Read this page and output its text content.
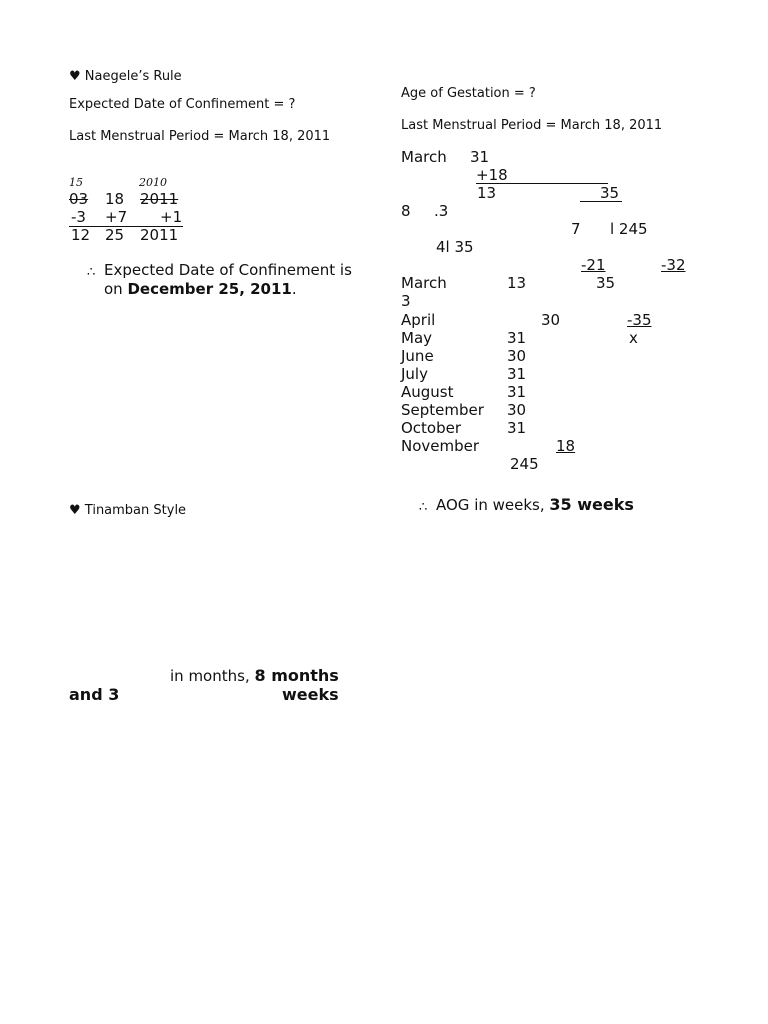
♥ Naegele’s Rule
Expected Date of Confinement = ?
Last Menstrual Period = March 18, 2011
15	2010
03 18 2011
-3 +7 +1
12 25 2011
∴ Expected Date of Confinement is
on December 25, 2011.
♥ Tinamban Style
in months, 8 months
and 3	weeks
Age of Gestation = ?
Last Menstrual Period = March 18, 2011
March 31
+18
13	35
8 .3
7 l 245
4l 35
-21	-32
March	13	35
3
April	30	-35
May	31	x
June	30
July	31
August	31
September 30
October	31
November	18
245
∴ AOG in weeks, 35 weeks
